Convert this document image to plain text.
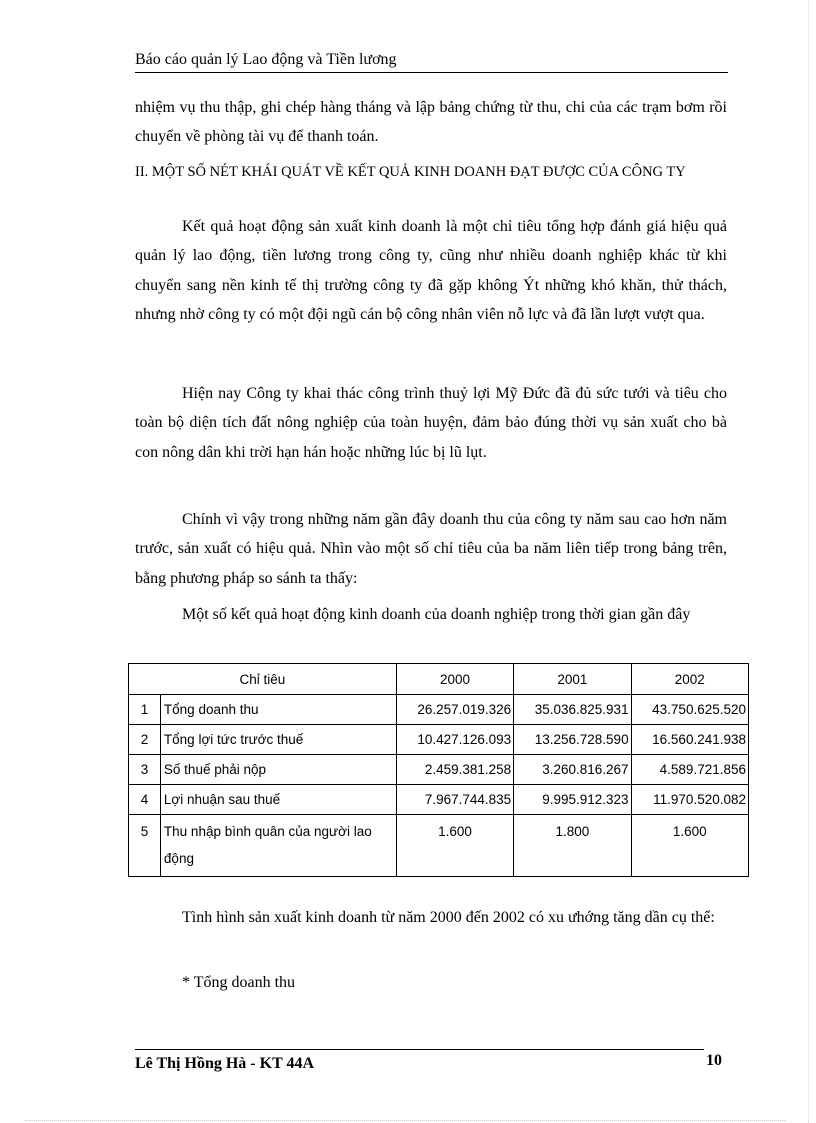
Báo cáo quản lý Lao động và Tiền lương

nhiệm vụ thu thập, ghi chép hàng tháng và lập bảng chứng từ thu, chi của các trạm bơm rồi chuyển về phòng tài vụ để thanh toán.

II. MỘT SỐ NÉT KHÁI QUÁT VỀ KẾT QUẢ KINH DOANH ĐẠT ĐƯỢC CỦA CÔNG TY

Kết quả hoạt động sản xuất kinh doanh là một chỉ tiêu tổng hợp đánh giá hiệu quả quản lý lao động, tiền lương trong công ty, cũng như nhiều doanh nghiệp khác từ khi chuyển sang nền kinh tế thị trường công ty đã gặp không Ýt những khó khăn, thử thách, nhưng nhờ công ty có một đội ngũ cán bộ công nhân viên nỗ lực và đã lần lượt vượt qua.

Hiện nay Công ty khai thác công trình thuỷ lợi Mỹ Đức đã đủ sức tưới và tiêu cho toàn bộ diện tích đất nông nghiệp của toàn huyện, đảm bảo đúng thời vụ sản xuất cho bà con nông dân khi trời hạn hán hoặc những lúc bị lũ lụt.

Chính vì vậy trong những năm gần đây doanh thu của công ty năm sau cao hơn năm trước, sản xuất có hiệu quả. Nhìn vào một số chỉ tiêu của ba năm liên tiếp trong bảng trên, bằng phương pháp so sánh ta thấy:

Một số kết quả hoạt động kinh doanh của doanh nghiệp trong thời gian gần đây

Chỉ tiêu		2000	2001	2002
1	Tổng doanh thu	26.257.019.326	35.036.825.931	43.750.625.520
2	Tổng lợi tức trước thuế	10.427.126.093	13.256.728.590	16.560.241.938
3	Số thuế phải nộp	2.459.381.258	3.260.816.267	4.589.721.856
4	Lợi nhuận sau thuế	7.967.744.835	9.995.912.323	11.970.520.082
5	Thu nhập bình quân của người lao động	1.600	1.800	1.600

Tình hình sản xuất kinh doanh từ năm 2000 đến 2002 có xu ưhớng tăng dần cụ thể:

* Tổng doanh thu

Lê Thị Hồng Hà - KT 44A	10
